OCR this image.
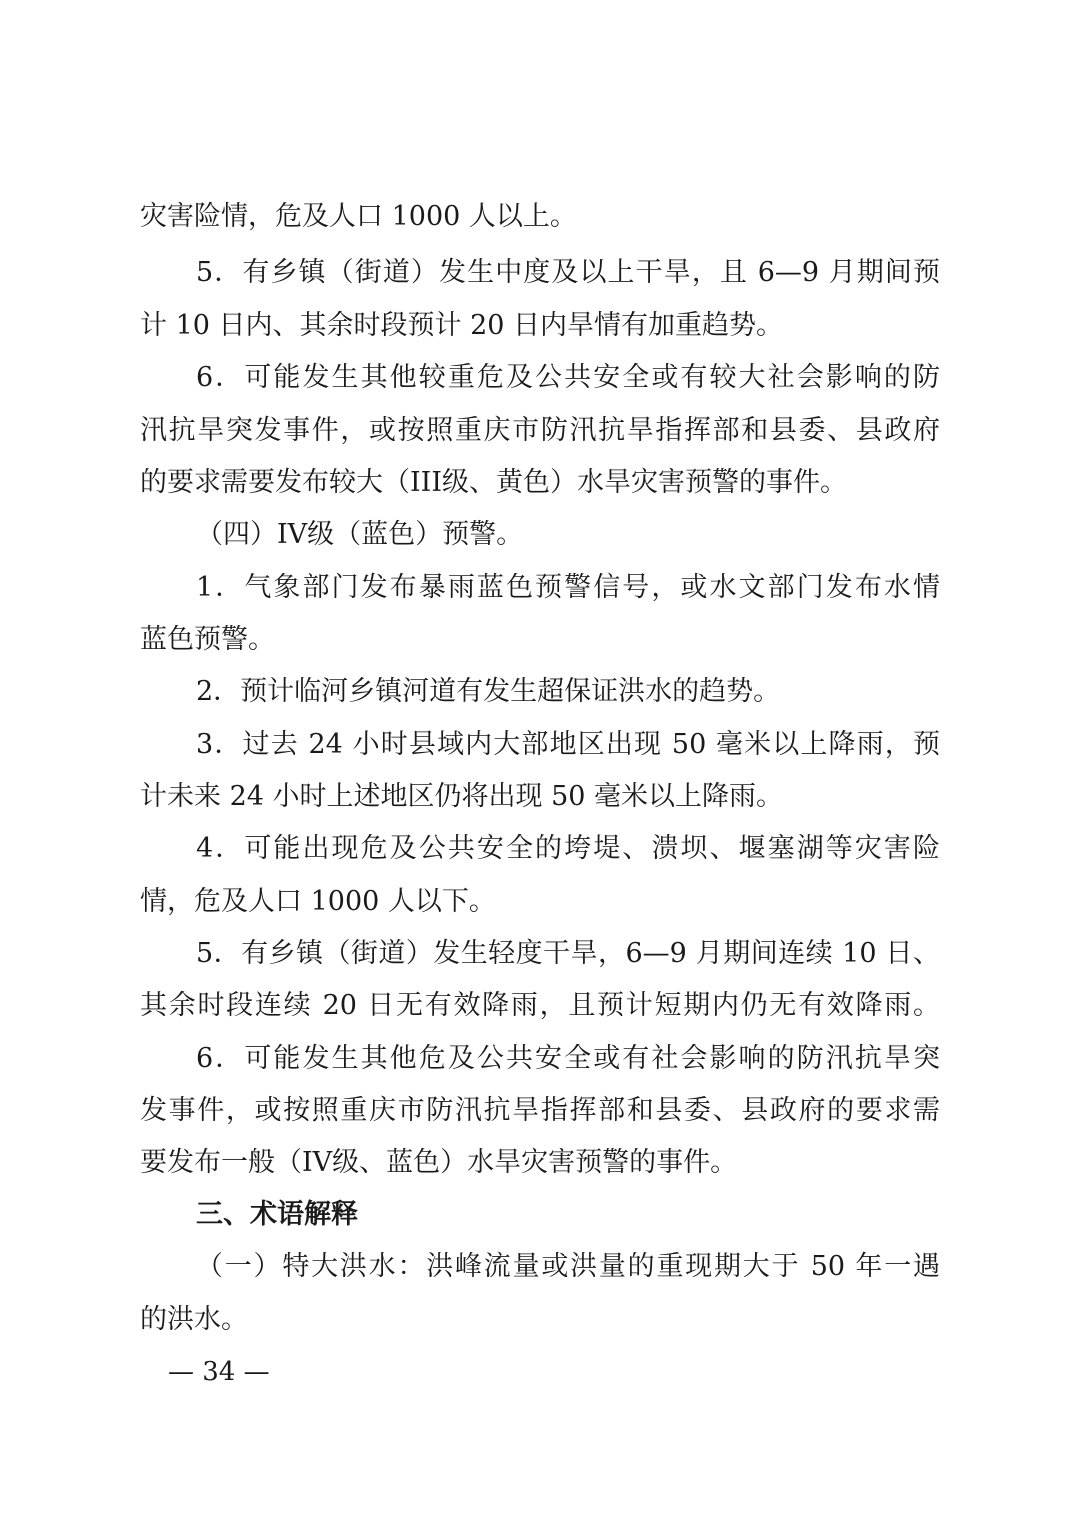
灾害险情，危及人口 1000 人以上。
5．有乡镇（街道）发生中度及以上干旱，且 6—9 月期间预
计 10 日内、其余时段预计 20 日内旱情有加重趋势。
6．可能发生其他较重危及公共安全或有较大社会影响的防
汛抗旱突发事件，或按照重庆市防汛抗旱指挥部和县委、县政府
的要求需要发布较大（III级、黄色）水旱灾害预警的事件。
（四）IV级（蓝色）预警。
1．气象部门发布暴雨蓝色预警信号，或水文部门发布水情
蓝色预警。
2．预计临河乡镇河道有发生超保证洪水的趋势。
3．过去 24 小时县域内大部地区出现 50 毫米以上降雨，预
计未来 24 小时上述地区仍将出现 50 毫米以上降雨。
4．可能出现危及公共安全的垮堤、溃坝、堰塞湖等灾害险
情，危及人口 1000 人以下。
5．有乡镇（街道）发生轻度干旱，6—9 月期间连续 10 日、
其余时段连续 20 日无有效降雨，且预计短期内仍无有效降雨。
6．可能发生其他危及公共安全或有社会影响的防汛抗旱突
发事件，或按照重庆市防汛抗旱指挥部和县委、县政府的要求需
要发布一般（IV级、蓝色）水旱灾害预警的事件。
三、术语解释
（一）特大洪水：洪峰流量或洪量的重现期大于 50 年一遇
的洪水。
— 34 —
